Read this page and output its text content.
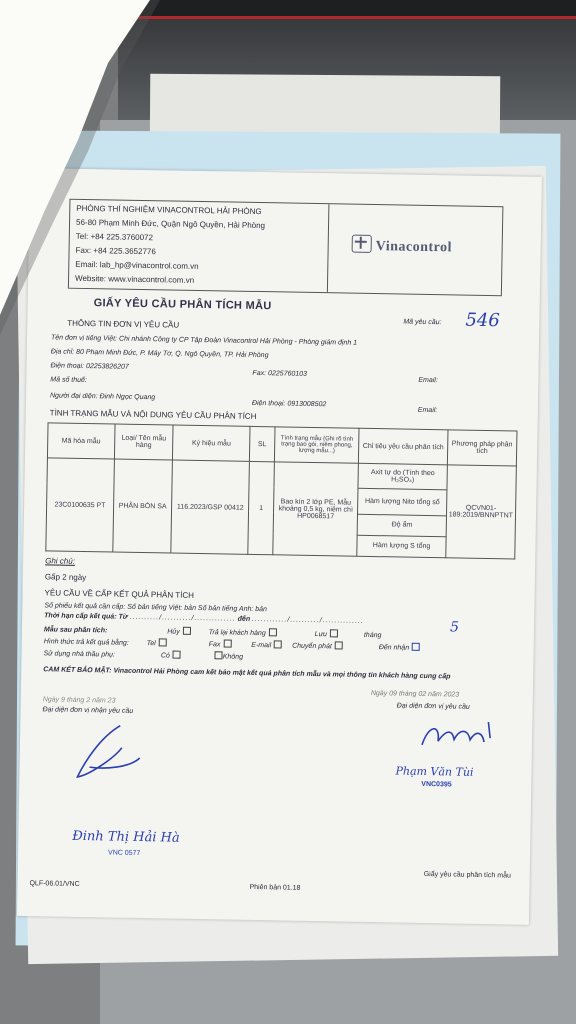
PHÒNG THÍ NGHIỆM VINACONTROL HẢI PHÒNG
56-80 Phạm Minh Đức, Quận Ngô Quyền, Hải Phòng
Tel: +84 225.3760072
Fax: +84 225.3652776
Email: lab_hp@vinacontrol.com.vn
Website: www.vinacontrol.com.vn
Vinacontrol
GIẤY YÊU CẦU PHÂN TÍCH MẪU
Mã yêu cầu: 546
THÔNG TIN ĐƠN VỊ YÊU CẦU
Tên đơn vị tiếng Việt: Chi nhánh Công ty CP Tập Đoàn Vinacontrol Hải Phòng - Phòng giám định 1
Địa chỉ: 80 Phạm Minh Đức, P. Máy Tơ, Q. Ngô Quyền, TP. Hải Phòng
Điện thoại: 02253826207
Fax: 0225760103
Email:
Mã số thuế:
Người đại diện: Đinh Ngọc Quang
Điện thoại: 0913008502
Email:
TÌNH TRẠNG MẪU VÀ NỘI DUNG YÊU CẦU PHÂN TÍCH
Mã hóa mẫu	Loại/ Tên mẫu hàng	Ký hiệu mẫu	SL	Tình trạng mẫu (Ghi rõ tình trạng bao gói, niêm phong, lượng mẫu...)	Chỉ tiêu yêu cầu phân tích	Phương pháp phân tích
23C0100635 PT	PHÂN BÓN SA	116.2023/GSP 00412	1	Bao kín 2 lớp PE, Mẫu khoảng 0,5 kg, niêm chì HP0068517	Axit tự do (Tính theo H₂SO₄)	QCVN01-189:2019/BNNPTNT
					Hàm lượng Nito tổng số	
					Độ ẩm	
					Hàm lượng S tổng	
Ghi chú:
Gấp 2 ngày
YÊU CẦU VỀ CẤP KẾT QUẢ PHÂN TÍCH
Số phiếu kết quả cần cấp: Số bản tiếng Việt: bản Số bản tiếng Anh: bản
Thời hạn cấp kết quả: Từ ........../........../.............. đến ............/........../..............
Mẫu sau phân tích:	Hủy	Trả lại khách hàng	Lưu	tháng	5
Hình thức trả kết quả bằng:	Tel	Fax	E-mail	Chuyển phát	Đến nhận
Sử dụng nhà thầu phụ:	Có	Không
CAM KẾT BẢO MẬT: Vinacontrol Hải Phòng cam kết bảo mật kết quả phân tích mẫu và mọi thông tin khách hàng cung cấp
Ngày 9 tháng 2 năm 23
Đại diện đơn vị nhận yêu cầu
Ngày 09 tháng 02 năm 2023
Đại diện đơn vị yêu cầu
Phạm Văn Tùi
VNC0395
Đinh Thị Hải Hà
VNC 0577
QLF-06.01/VNC	Phiên bản 01.18
Giấy yêu cầu phân tích mẫu
